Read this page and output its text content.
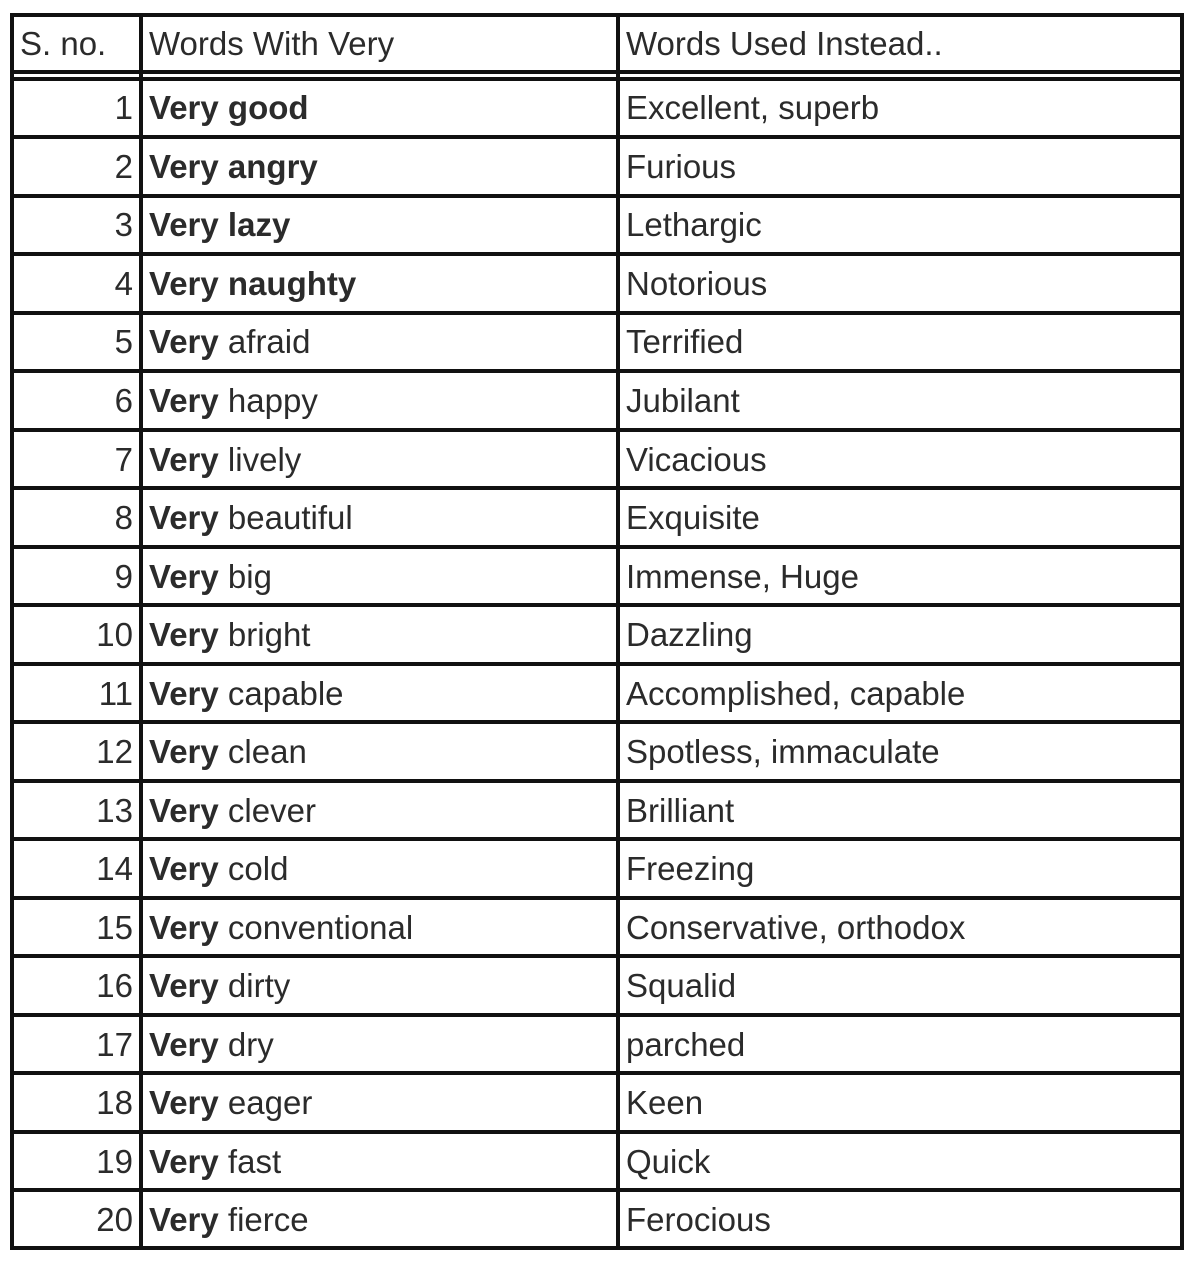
S. no.	Words With Very	Words Used Instead..

1	Very good	Excellent, superb
2	Very angry	Furious
3	Very lazy	Lethargic
4	Very naughty	Notorious
5	Very afraid	Terrified
6	Very happy	Jubilant
7	Very lively	Vicacious
8	Very beautiful	Exquisite
9	Very big	Immense, Huge
10	Very bright	Dazzling
11	Very capable	Accomplished, capable
12	Very clean	Spotless, immaculate
13	Very clever	Brilliant
14	Very cold	Freezing
15	Very conventional	Conservative, orthodox
16	Very dirty	Squalid
17	Very dry	parched
18	Very eager	Keen
19	Very fast	Quick
20	Very fierce	Ferocious
